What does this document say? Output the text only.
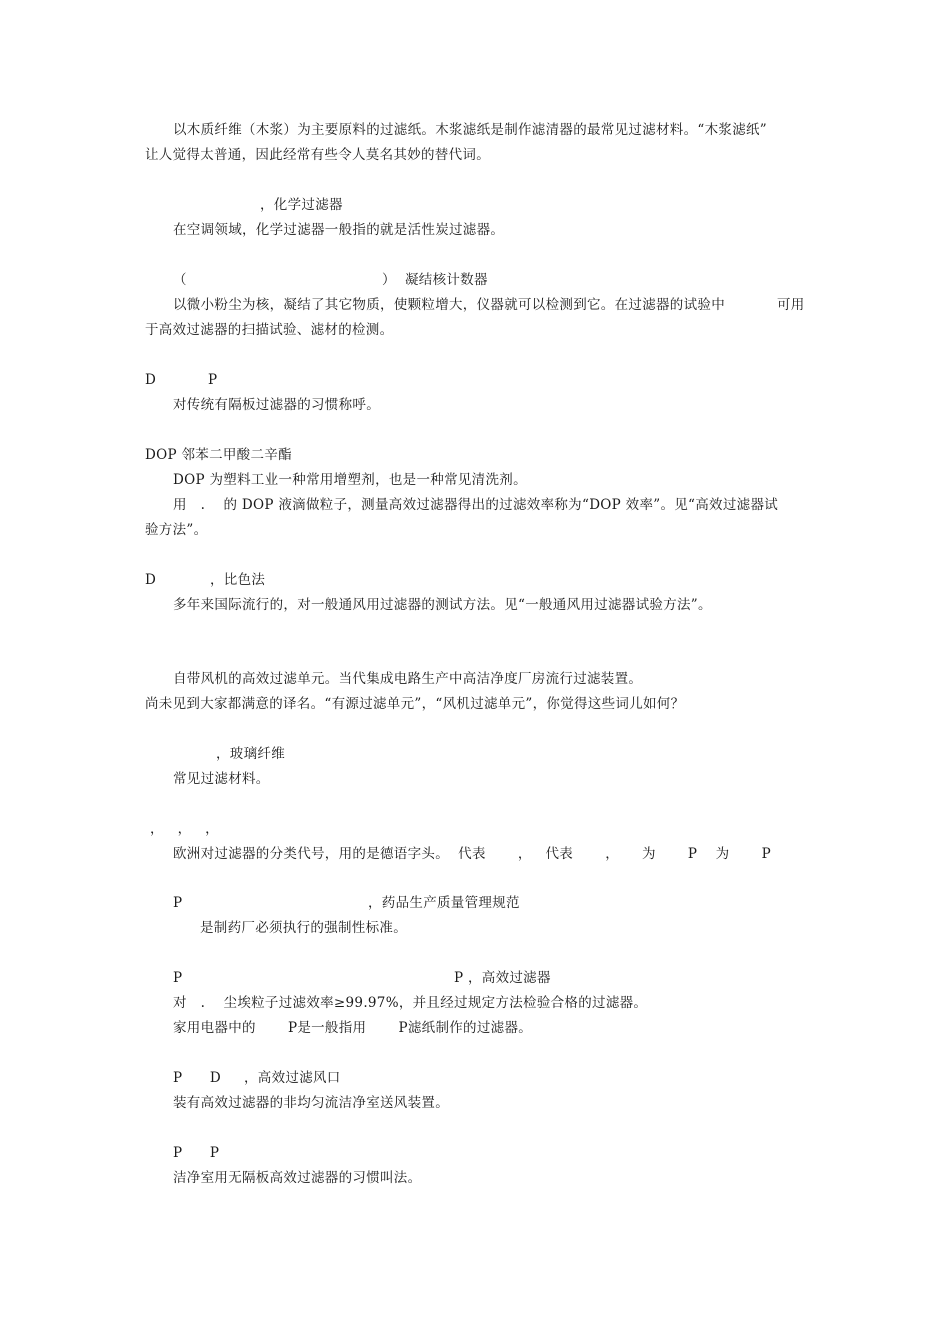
以木质纤维（木浆）为主要原料的过滤纸。木浆滤纸是制作滤清器的最常见过滤材料。“木浆滤纸”
让人觉得太普通，因此经常有些令人莫名其妙的替代词。
，化学过滤器
在空调领域，化学过滤器一般指的就是活性炭过滤器。
（	）  凝结核计数器
以微小粉尘为核，凝结了其它物质，使颗粒增大，仪器就可以检测到它。在过滤器的试验中	可用
于高效过滤器的扫描试验、滤材的检测。
D	P
对传统有隔板过滤器的习惯称呼。
DOP 邻苯二甲酸二辛酯
DOP 为塑料工业一种常用增塑剂，也是一种常见清洗剂。
用   .    的 DOP 液滴做粒子，测量高效过滤器得出的过滤效率称为“DOP 效率”。见“高效过滤器试
验方法”。
D	，比色法
多年来国际流行的，对一般通风用过滤器的测试方法。见“一般通风用过滤器试验方法”。
自带风机的高效过滤单元。当代集成电路生产中高洁净度厂房流行过滤装置。
尚未见到大家都满意的译名。“有源过滤单元”，“风机过滤单元”，你觉得这些词儿如何？
，玻璃纤维
常见过滤材料。
，   ，   ，
欧洲对过滤器的分类代号，用的是德语字头。  代表       ，   代表       ，     为       P    为       P
P	，药品生产质量管理规范
是制药厂必须执行的强制性标准。
P	P ，高效过滤器
对   .    尘埃粒子过滤效率≥99.97%，并且经过规定方法检验合格的过滤器。
家用电器中的       P是一般指用       P滤纸制作的过滤器。
P      D     ，高效过滤风口
装有高效过滤器的非均匀流洁净室送风装置。
P      P
洁净室用无隔板高效过滤器的习惯叫法。
